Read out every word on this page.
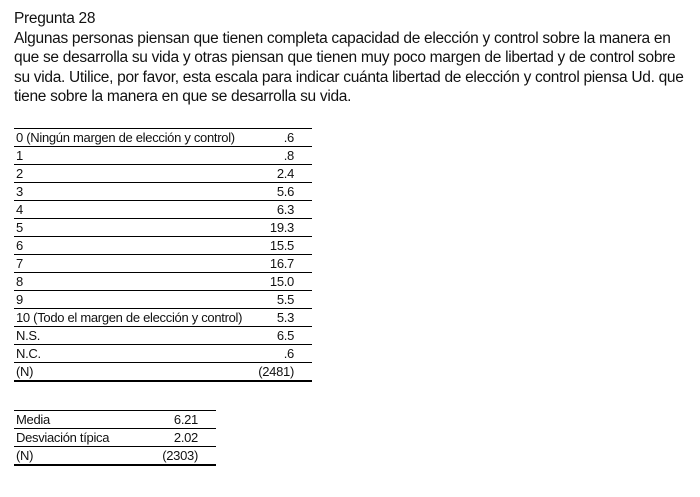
Pregunta 28
Algunas personas piensan que tienen completa capacidad de elección y control sobre la manera en que se desarrolla su vida y otras piensan que tienen muy poco margen de libertad y de control sobre su vida. Utilice, por favor, esta escala para indicar cuánta libertad de elección y control piensa Ud. que tiene sobre la manera en que se desarrolla su vida.
0 (Ningún margen de elección y control)	.6
1	.8
2	2.4
3	5.6
4	6.3
5	19.3
6	15.5
7	16.7
8	15.0
9	5.5
10 (Todo el margen de elección y control)	5.3
N.S.	6.5
N.C.	.6
(N)	(2481)
Media	6.21
Desviación típica	2.02
(N)	(2303)
